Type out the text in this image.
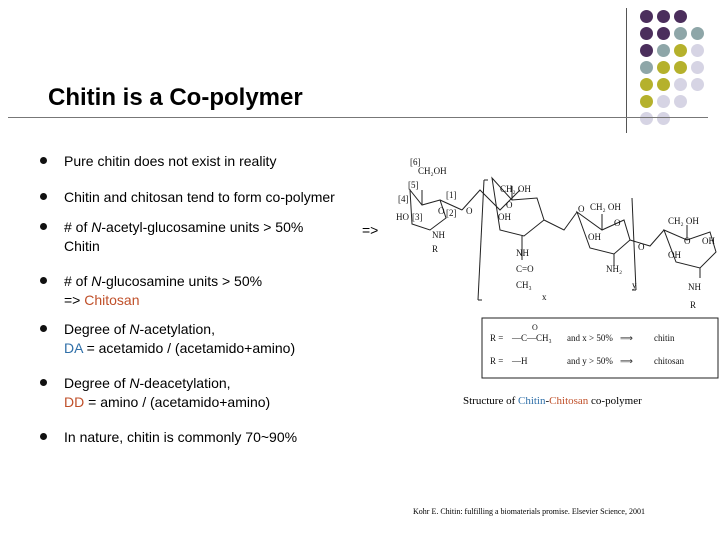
Chitin is a Co-polymer
Pure chitin does not exist in reality
Chitin and chitosan tend to form co-polymer
# of N-acetyl-glucosamine units > 50%
Chitin
# of N-glucosamine units > 50%
=> Chitosan
Degree of N-acetylation,
DA = acetamido / (acetamido+amino)
Degree of N-deacetylation,
DD = amino / (acetamido+amino)
In nature, chitin is commonly 70~90%
=>
[6]
CH₂OH
[5]
[4]
HO [3]
[1]
[2]
O
NH
R
CH₂ OH
O
OH
O
NH
C=O
CH₃
x
CH₂ OH
O
OH
O
NH₂
O
y
CH₂ OH
O OH
OH
NH
R
R = —C—CH₃ and x > 50% ⟹ chitin
R = —H	and y > 50% ⟹ chitosan
O
Structure of Chitin-Chitosan co-polymer
Kohr E. Chitin: fulfilling a biomaterials promise. Elsevier Science, 2001
